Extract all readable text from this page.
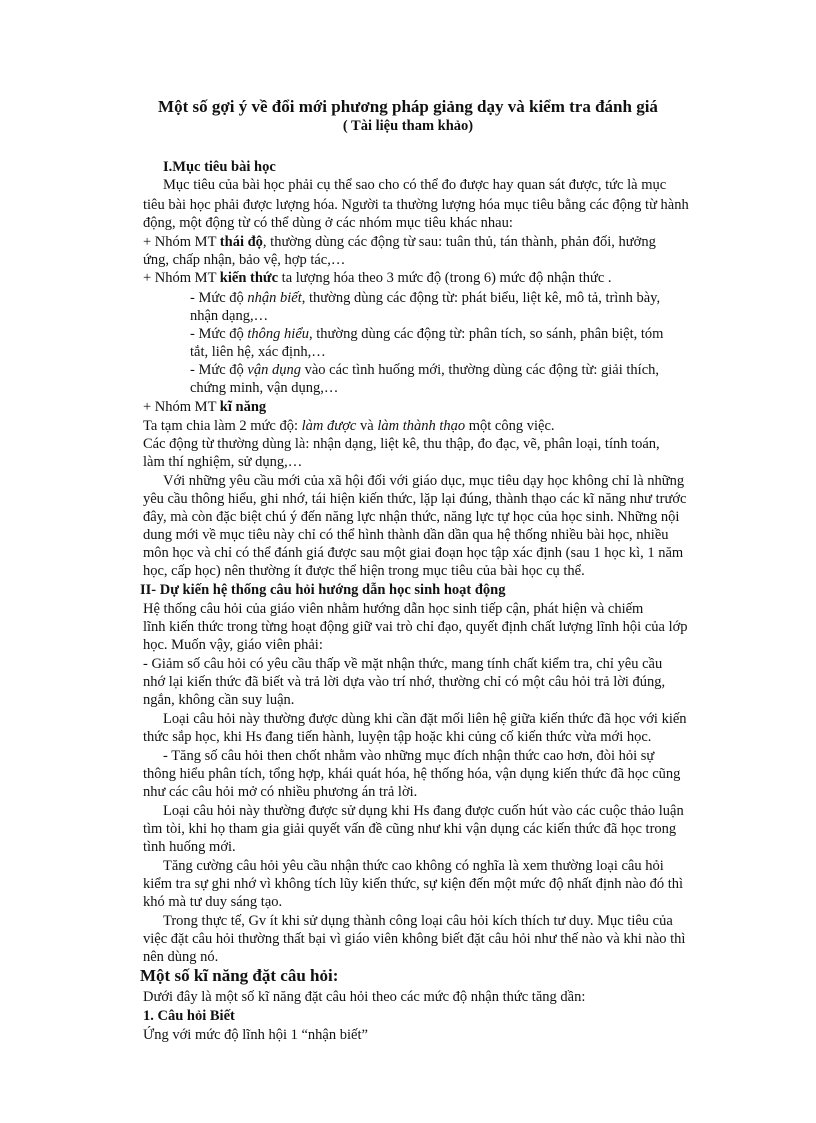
Một số gợi ý về đổi mới phương pháp giảng dạy và kiểm tra đánh giá
( Tài liệu tham khảo)
I.Mục tiêu bài học
Mục tiêu của bài học phải cụ thể sao cho có thể đo được hay quan sát được, tức là mục
tiêu bài học phải được lượng hóa. Người ta thường lượng hóa mục tiêu bằng các động từ hành
động, một động từ có thể dùng ở các nhóm mục tiêu khác nhau:
+ Nhóm MT thái độ, thường dùng các động từ sau: tuân thủ, tán thành, phản đối, hưởng
ứng, chấp nhận, bảo vệ, hợp tác,…
+ Nhóm MT kiến thức ta lượng hóa theo 3 mức độ (trong 6) mức độ nhận thức .
- Mức độ nhận biết, thường dùng các động từ: phát biểu, liệt kê, mô tả, trình bày,
nhận dạng,…
- Mức độ thông hiểu, thường dùng các động từ: phân tích, so sánh, phân biệt, tóm
tắt, liên hệ, xác định,…
- Mức độ vận dụng vào các tình huống mới, thường dùng các động từ: giải thích,
chứng minh, vận dụng,…
+ Nhóm MT kĩ năng
Ta tạm chia làm 2 mức độ: làm được và làm thành thạo một công việc.
Các động từ thường dùng là: nhận dạng, liệt kê, thu thập, đo đạc, vẽ, phân loại, tính toán,
làm thí nghiệm, sử dụng,…
Với những yêu cầu mới của xã hội đối với giáo dục, mục tiêu dạy học không chỉ là những
yêu cầu thông hiểu, ghi nhớ, tái hiện kiến thức, lặp lại đúng, thành thạo các kĩ năng như trước
đây, mà còn đặc biệt chú ý đến năng lực nhận thức, năng lực tự học của học sinh. Những nội
dung mới về mục tiêu này chỉ có thể hình thành dần dần qua hệ thống nhiều bài học, nhiều
môn học và chỉ có thể đánh giá được sau một giai đoạn học tập xác định (sau 1 học kì, 1 năm
học, cấp học) nên thường ít được thể hiện trong mục tiêu của bài học cụ thể.
II- Dự kiến hệ thống câu hỏi hướng dẫn học sinh hoạt động
Hệ thống câu hỏi của giáo viên nhằm hướng dẫn học sinh tiếp cận, phát hiện và chiếm
lĩnh kiến thức trong từng hoạt động giữ vai trò chỉ đạo, quyết định chất lượng lĩnh hội của lớp
học. Muốn vậy, giáo viên phải:
- Giảm số câu hỏi có yêu cầu thấp về mặt nhận thức, mang tính chất kiểm tra, chỉ yêu cầu
nhớ lại kiến thức đã biết và trả lời dựa vào trí nhớ, thường chỉ có một câu hỏi trả lời đúng,
ngắn, không cần suy luận.
Loại câu hỏi này thường được dùng khi cần đặt mối liên hệ giữa kiến thức đã học với kiến
thức sắp học, khi Hs đang tiến hành, luyện tập hoặc khi củng cố kiến thức vừa mới học.
- Tăng số câu hỏi then chốt nhằm vào những mục đích nhận thức cao hơn, đòi hỏi sự
thông hiểu phân tích, tổng hợp, khái quát hóa, hệ thống hóa, vận dụng kiến thức đã học cũng
như các câu hỏi mở có nhiều phương án trả lời.
Loại câu hỏi này thường được sử dụng khi Hs đang được cuốn hút vào các cuộc thảo luận
tìm tòi, khi họ tham gia giải quyết vấn đề cũng như khi vận dụng các kiến thức đã học trong
tình huống mới.
Tăng cường câu hỏi yêu cầu nhận thức cao không có nghĩa là xem thường loại câu hỏi
kiểm tra sự ghi nhớ vì không tích lũy kiến thức, sự kiện đến một mức độ nhất định nào đó thì
khó mà tư duy sáng tạo.
Trong thực tế, Gv ít khi sử dụng thành công loại câu hỏi kích thích tư duy. Mục tiêu của
việc đặt câu hỏi thường thất bại vì giáo viên không biết đặt câu hỏi như thế nào và khi nào thì
nên dùng nó.
Một số kĩ năng đặt câu hỏi:
Dưới đây là một số kĩ năng đặt câu hỏi theo các mức độ nhận thức tăng dần:
1. Câu hỏi Biết
Ứng với mức độ lĩnh hội 1 “nhận biết”
